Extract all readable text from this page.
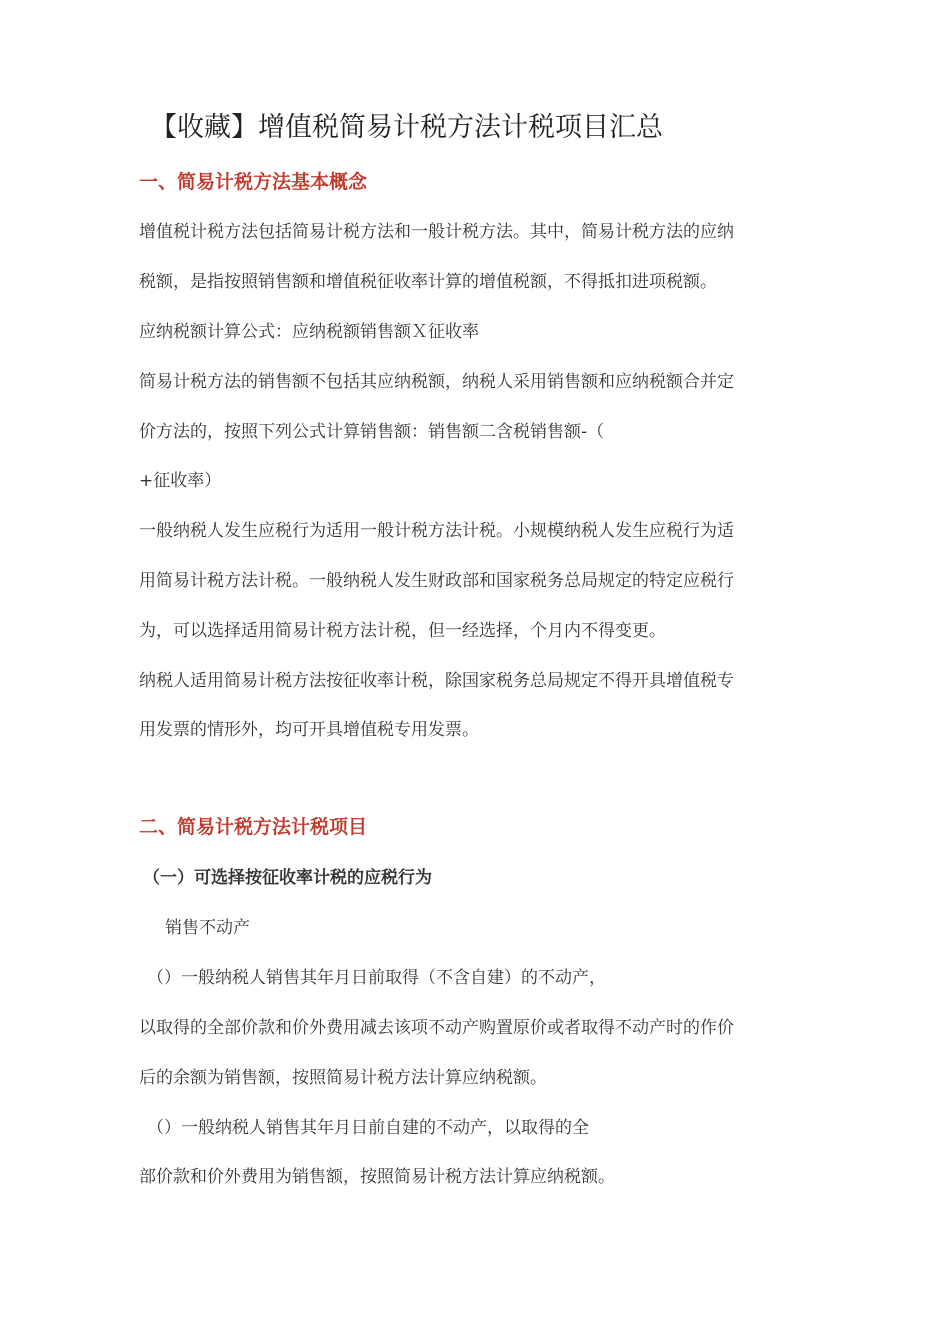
【收藏】增值税简易计税方法计税项目汇总
一、简易计税方法基本概念
增值税计税方法包括简易计税方法和一般计税方法。其中，简易计税方法的应纳
税额，是指按照销售额和增值税征收率计算的增值税额，不得抵扣进项税额。
应纳税额计算公式：应纳税额销售额Ｘ征收率
简易计税方法的销售额不包括其应纳税额，纳税人采用销售额和应纳税额合并定
价方法的，按照下列公式计算销售额：销售额二含税销售额-（
+征收率）
一般纳税人发生应税行为适用一般计税方法计税。小规模纳税人发生应税行为适
用简易计税方法计税。一般纳税人发生财政部和国家税务总局规定的特定应税行
为，可以选择适用简易计税方法计税，但一经选择，个月内不得变更。
纳税人适用简易计税方法按征收率计税，除国家税务总局规定不得开具增值税专
用发票的情形外，均可开具增值税专用发票。
二、简易计税方法计税项目
（一）可选择按征收率计税的应税行为
销售不动产
（）一般纳税人销售其年月日前取得（不含自建）的不动产，
以取得的全部价款和价外费用减去该项不动产购置原价或者取得不动产时的作价
后的余额为销售额，按照简易计税方法计算应纳税额。
（）一般纳税人销售其年月日前自建的不动产，以取得的全
部价款和价外费用为销售额，按照简易计税方法计算应纳税额。
